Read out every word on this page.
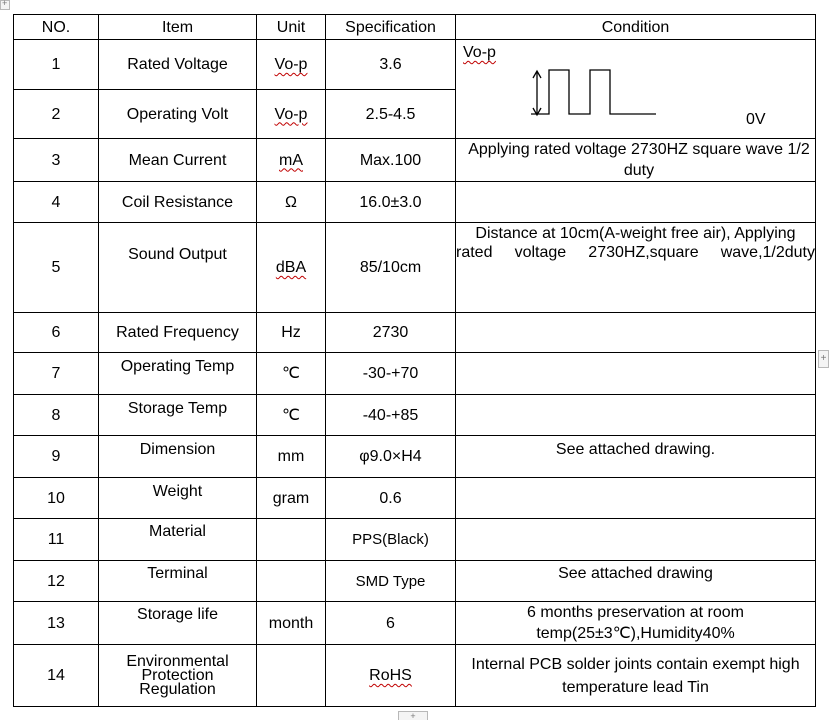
+
+
+
NO.	Item	Unit	Specification	Condition
1	Rated Voltage	Vo-p	3.6	Vo-p
0V

2	Operating Volt	Vo-p	2.5-4.5	
3	Mean Current	mA	Max.100	Applying rated voltage 2730HZ square wave 1/2 duty
4	Coil Resistance	Ω	16.0±3.0	
5	Sound Output	dBA	85/10cm	Distance at 10cm(A-weight free air), Applying rated voltage 2730HZ,square wave,1/2duty
6	Rated Frequency	Hz	2730	
7	Operating Temp	℃	-30-+70	
8	Storage Temp	℃	-40-+85	
9	Dimension	mm	φ9.0×H4	See attached drawing.
10	Weight	gram	0.6	
11	Material		PPS(Black)	
12	Terminal		SMD Type	See attached drawing
13	Storage life	month	6	6 months preservation at room temp(25±3℃),Humidity40%
14	Environmental Protection Regulation		RoHS	Internal PCB solder joints contain exempt high temperature lead Tin
